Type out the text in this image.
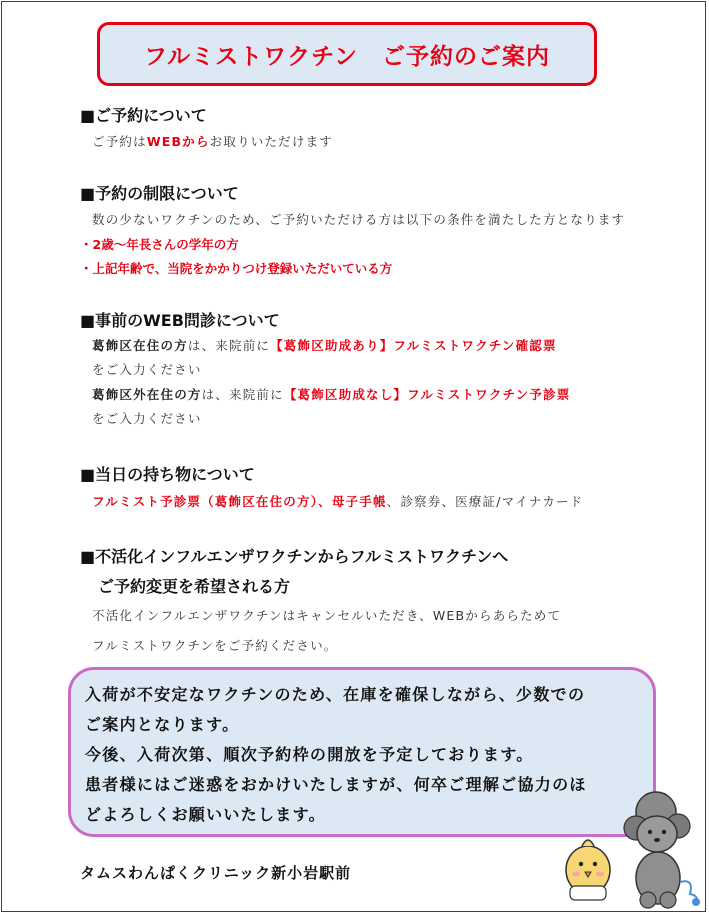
フルミストワクチン　ご予約のご案内
■ご予約について
ご予約はWEBからお取りいただけます
■予約の制限について
数の少ないワクチンのため、ご予約いただける方は以下の条件を満たした方となります
・2歳～年長さんの学年の方
・上記年齢で、当院をかかりつけ登録いただいている方
■事前のWEB問診について
葛飾区在住の方は、来院前に【葛飾区助成あり】フルミストワクチン確認票
をご入力ください
葛飾区外在住の方は、来院前に【葛飾区助成なし】フルミストワクチン予診票
をご入力ください
■当日の持ち物について
フルミスト予診票（葛飾区在住の方）、母子手帳、診察券、医療証/マイナカード
■不活化インフルエンザワクチンからフルミストワクチンへ
ご予約変更を希望される方
不活化インフルエンザワクチンはキャンセルいただき、WEBからあらためて
フルミストワクチンをご予約ください。
入荷が不安定なワクチンのため、在庫を確保しながら、少数での
ご案内となります。
今後、入荷次第、順次予約枠の開放を予定しております。
患者様にはご迷惑をおかけいたしますが、何卒ご理解ご協力のほ
どよろしくお願いいたします。
タムスわんぱくクリニック新小岩駅前
